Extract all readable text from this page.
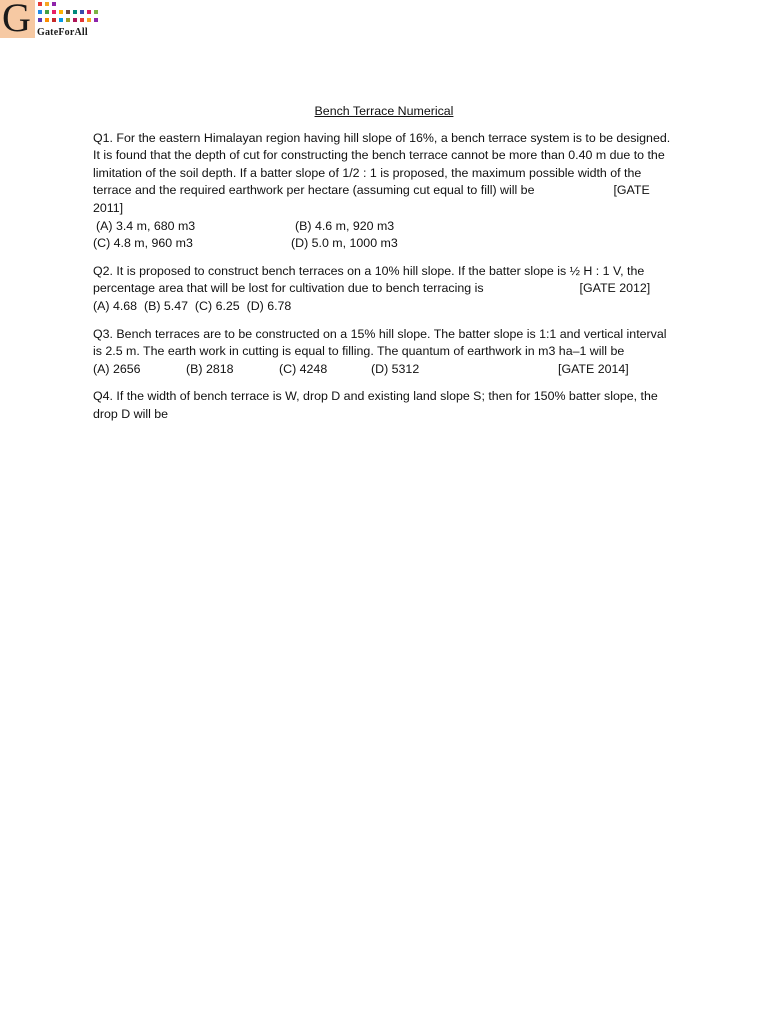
G GateForAll
Bench Terrace Numerical

Q1. For the eastern Himalayan region having hill slope of 16%, a bench terrace system is to be designed. It is found that the depth of cut for constructing the bench terrace cannot be more than 0.40 m due to the limitation of the soil depth. If a batter slope of 1/2 : 1 is proposed, the maximum possible width of the terrace and the required earthwork per hectare (assuming cut equal to fill) will be	[GATE 2011]

(A) 3.4 m, 680 m3	(B) 4.6 m, 920 m3
(C) 4.8 m, 960 m3	(D) 5.0 m, 1000 m3

Q2. It is proposed to construct bench terraces on a 10% hill slope. If the batter slope is ½ H : 1 V, the percentage area that will be lost for cultivation due to bench terracing is	[GATE 2012]

(A) 4.68  (B) 5.47  (C) 6.25  (D) 6.78

Q3. Bench terraces are to be constructed on a 15% hill slope. The batter slope is 1:1 and vertical interval is 2.5 m. The earth work in cutting is equal to filling. The quantum of earthwork in m3 ha–1 will be

(A) 2656	(B) 2818	(C) 4248	(D) 5312	[GATE 2014]

Q4. If the width of bench terrace is W, drop D and existing land slope S; then for 150% batter slope, the drop D will be
